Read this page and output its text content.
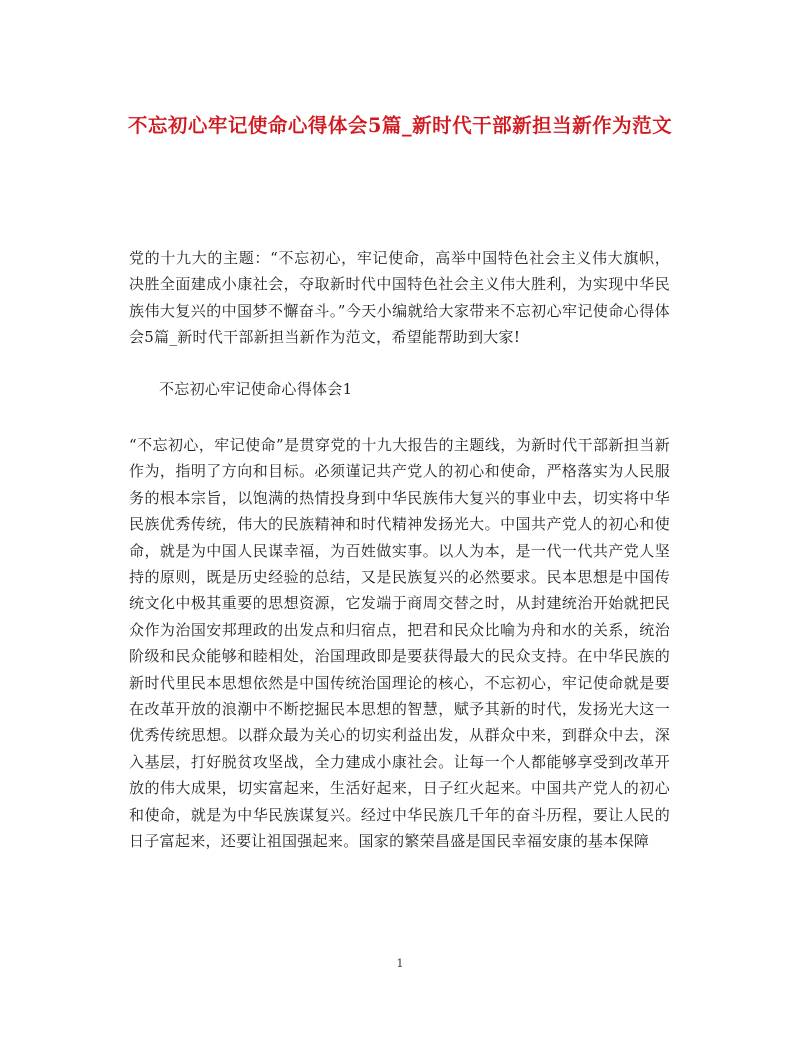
不忘初心牢记使命心得体会5篇_新时代干部新担当新作为范文

党的十九大的主题：“不忘初心，牢记使命，高举中国特色社会主义伟大旗帜，决胜全面建成小康社会，夺取新时代中国特色社会主义伟大胜利，为实现中华民族伟大复兴的中国梦不懈奋斗。”今天小编就给大家带来不忘初心牢记使命心得体会5篇_新时代干部新担当新作为范文，希望能帮助到大家!

不忘初心牢记使命心得体会1

“不忘初心，牢记使命”是贯穿党的十九大报告的主题线，为新时代干部新担当新作为，指明了方向和目标。必须谨记共产党人的初心和使命，严格落实为人民服务的根本宗旨，以饱满的热情投身到中华民族伟大复兴的事业中去，切实将中华民族优秀传统，伟大的民族精神和时代精神发扬光大。中国共产党人的初心和使命，就是为中国人民谋幸福，为百姓做实事。以人为本，是一代一代共产党人坚持的原则，既是历史经验的总结，又是民族复兴的必然要求。民本思想是中国传统文化中极其重要的思想资源，它发端于商周交替之时，从封建统治开始就把民众作为治国安邦理政的出发点和归宿点，把君和民众比喻为舟和水的关系，统治阶级和民众能够和睦相处，治国理政即是要获得最大的民众支持。在中华民族的新时代里民本思想依然是中国传统治国理论的核心，不忘初心，牢记使命就是要在改革开放的浪潮中不断挖掘民本思想的智慧，赋予其新的时代，发扬光大这一优秀传统思想。以群众最为关心的切实利益出发，从群众中来，到群众中去，深入基层，打好脱贫攻坚战，全力建成小康社会。让每一个人都能够享受到改革开放的伟大成果，切实富起来，生活好起来，日子红火起来。中国共产党人的初心和使命，就是为中华民族谋复兴。经过中华民族几千年的奋斗历程，要让人民的日子富起来，还要让祖国强起来。国家的繁荣昌盛是国民幸福安康的基本保障

1
